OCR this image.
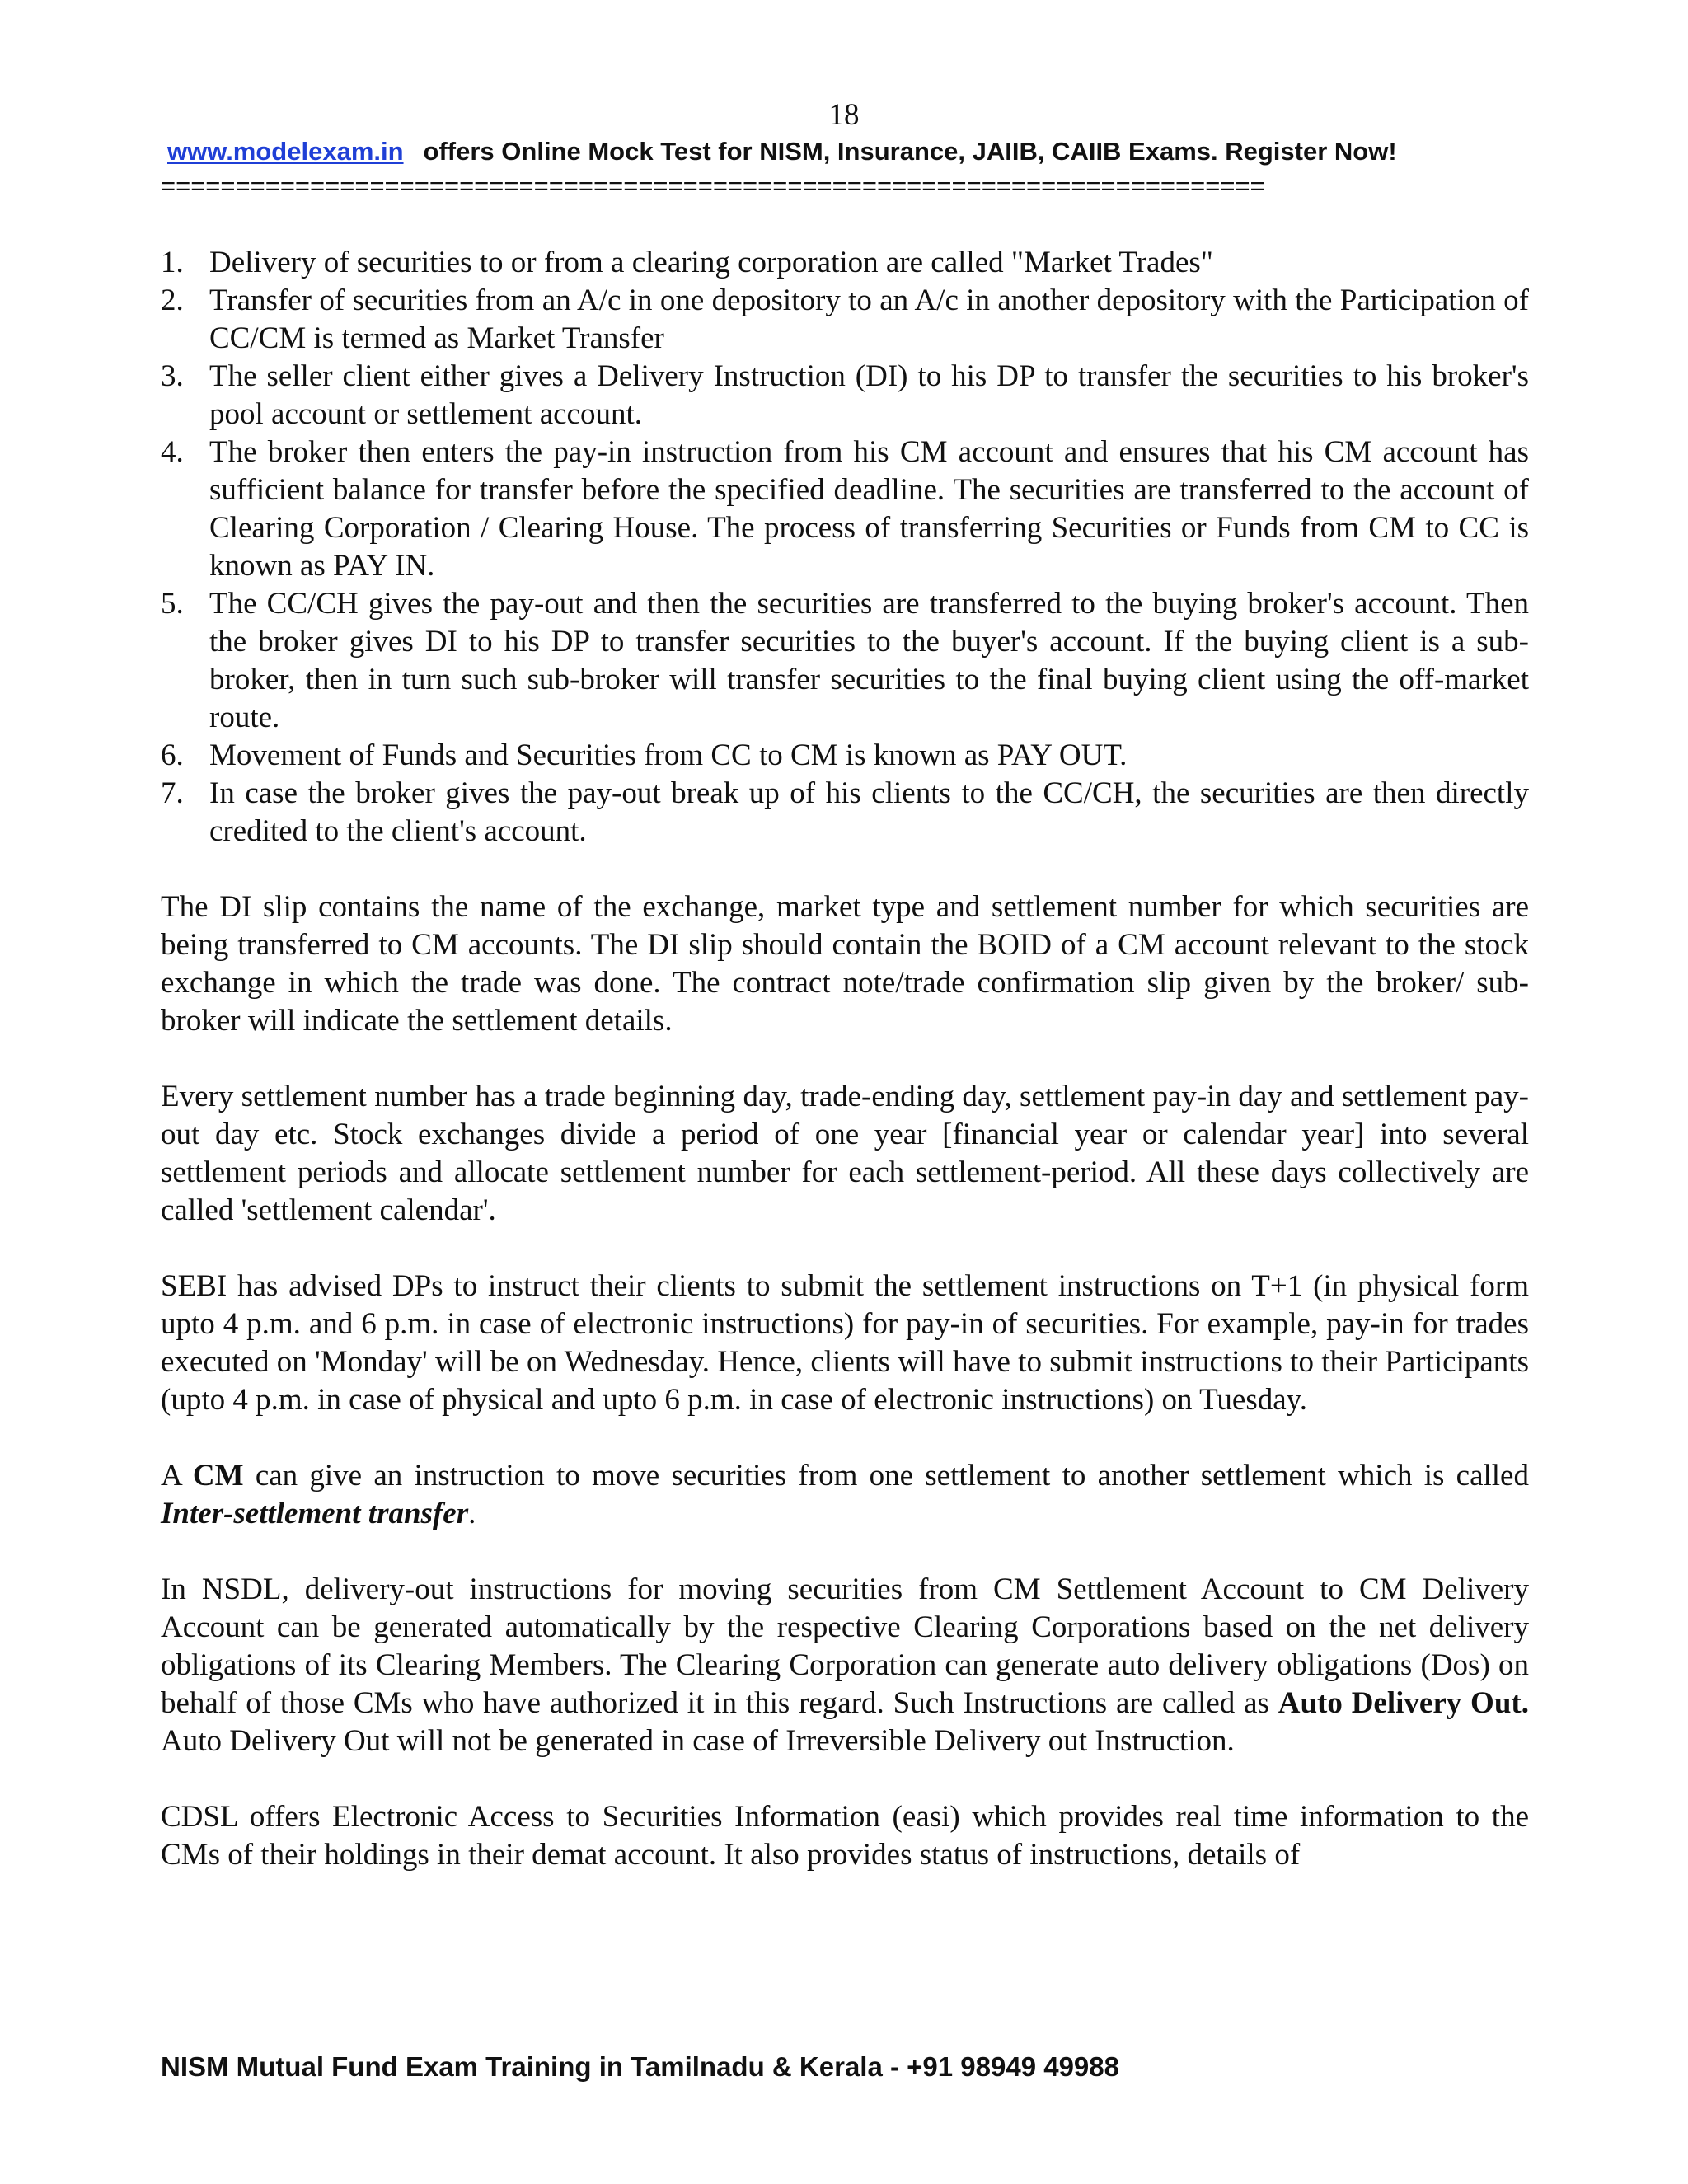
18
www.modelexam.in offers Online Mock Test for NISM, Insurance, JAIIB, CAIIB Exams. Register Now!
==========================================================================
1. Delivery of securities to or from a clearing corporation are called "Market Trades"
2. Transfer of securities from an A/c in one depository to an A/c in another depository with the Participation of CC/CM is termed as Market Transfer
3. The seller client either gives a Delivery Instruction (DI) to his DP to transfer the securities to his broker's pool account or settlement account.
4. The broker then enters the pay-in instruction from his CM account and ensures that his CM account has sufficient balance for transfer before the specified deadline. The securities are transferred to the account of Clearing Corporation / Clearing House. The process of transferring Securities or Funds from CM to CC is known as PAY IN.
5. The CC/CH gives the pay-out and then the securities are transferred to the buying broker's account. Then the broker gives DI to his DP to transfer securities to the buyer's account. If the buying client is a sub-broker, then in turn such sub-broker will transfer securities to the final buying client using the off-market route.
6. Movement of Funds and Securities from CC to CM is known as PAY OUT.
7. In case the broker gives the pay-out break up of his clients to the CC/CH, the securities are then directly credited to the client's account.

The DI slip contains the name of the exchange, market type and settlement number for which securities are being transferred to CM accounts. The DI slip should contain the BOID of a CM account relevant to the stock exchange in which the trade was done. The contract note/trade confirmation slip given by the broker/ sub-broker will indicate the settlement details.

Every settlement number has a trade beginning day, trade-ending day, settlement pay-in day and settlement pay-out day etc. Stock exchanges divide a period of one year [financial year or calendar year] into several settlement periods and allocate settlement number for each settlement-period. All these days collectively are called 'settlement calendar'.

SEBI has advised DPs to instruct their clients to submit the settlement instructions on T+1 (in physical form upto 4 p.m. and 6 p.m. in case of electronic instructions) for pay-in of securities. For example, pay-in for trades executed on 'Monday' will be on Wednesday. Hence, clients will have to submit instructions to their Participants (upto 4 p.m. in case of physical and upto 6 p.m. in case of electronic instructions) on Tuesday.

A CM can give an instruction to move securities from one settlement to another settlement which is called Inter-settlement transfer.

In NSDL, delivery-out instructions for moving securities from CM Settlement Account to CM Delivery Account can be generated automatically by the respective Clearing Corporations based on the net delivery obligations of its Clearing Members. The Clearing Corporation can generate auto delivery obligations (Dos) on behalf of those CMs who have authorized it in this regard. Such Instructions are called as Auto Delivery Out. Auto Delivery Out will not be generated in case of Irreversible Delivery out Instruction.

CDSL offers Electronic Access to Securities Information (easi) which provides real time information to the CMs of their holdings in their demat account. It also provides status of instructions, details of

NISM Mutual Fund Exam Training in Tamilnadu & Kerala - +91 98949 49988
